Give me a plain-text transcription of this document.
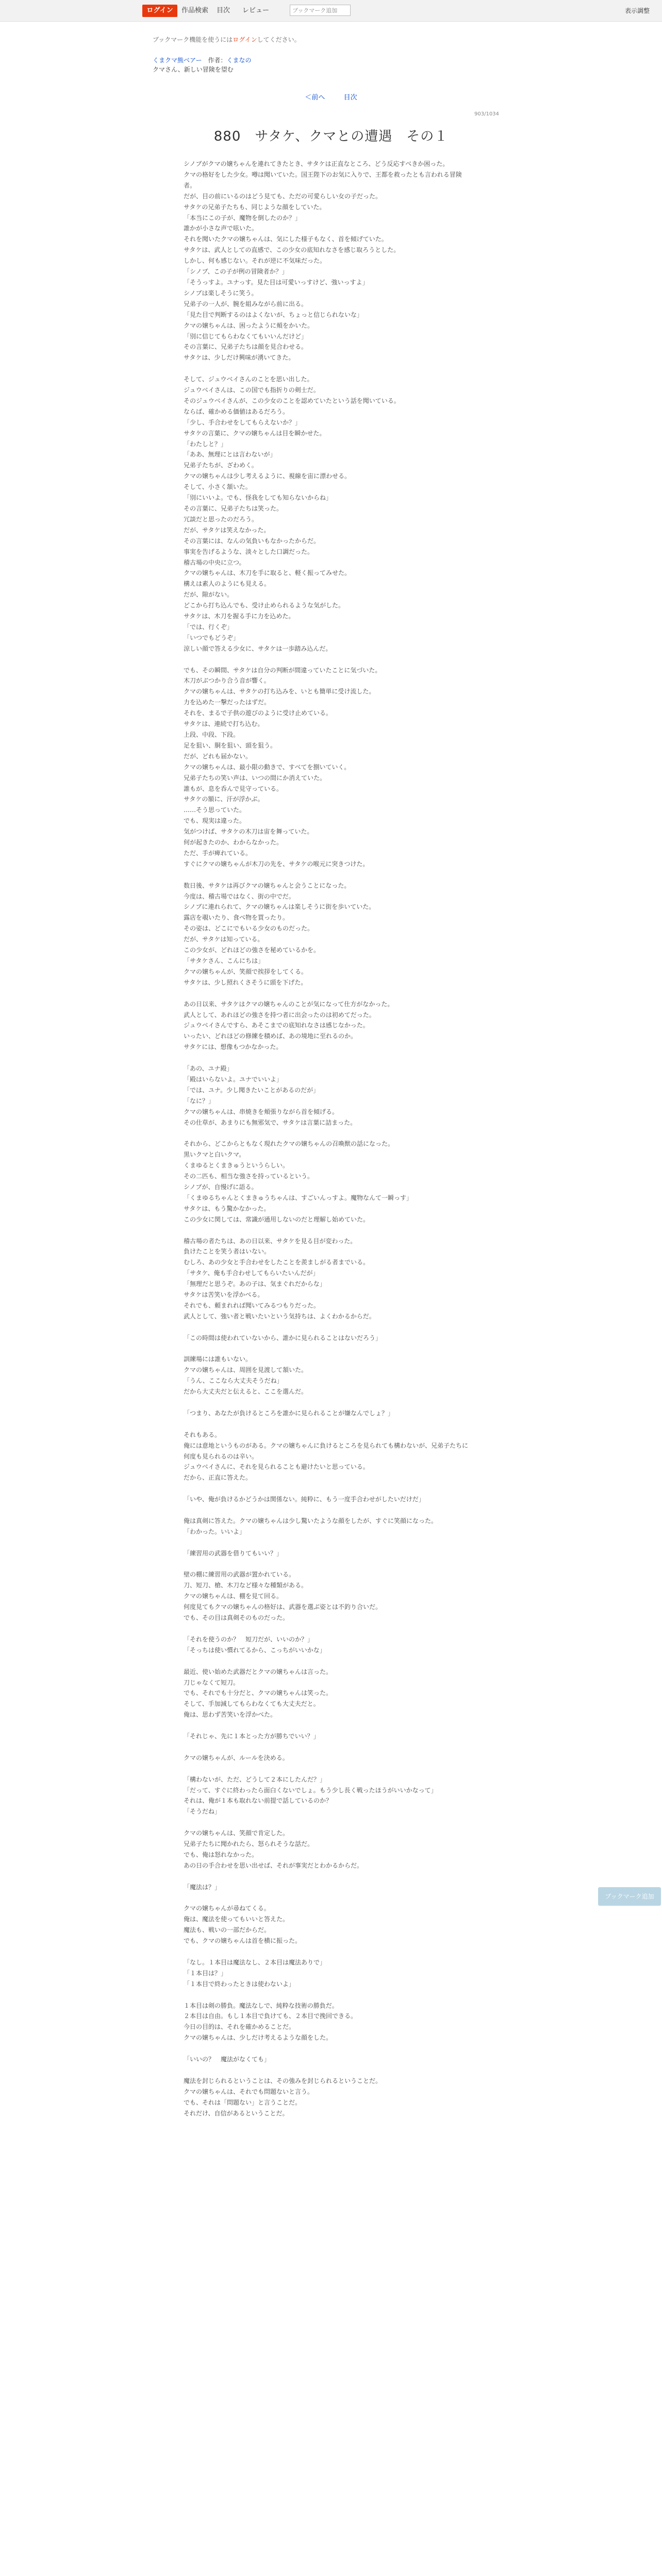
ログイン	作品検索 目次 レビュー	ブックマーク追加	表示調整
ブックマーク機能を使うにはログインしてください。
くまクマ熊ベアー 作者：くまなの
クマさん、新しい冒険を望む
＜前へ	目次
903/1034
880　サタケ、クマとの遭遇　その１

シノブがクマの嬢ちゃんを連れてきたとき、サタケは正直なところ、どう反応すべきか困った。
クマの格好をした少女。噂は聞いていた。国王陛下のお気に入りで、王都を救ったとも言われる冒険者。
だが、目の前にいるのはどう見ても、ただの可愛らしい女の子だった。
サタケの兄弟子たちも、同じような顔をしていた。
「本当にこの子が、魔物を倒したのか？」
誰かが小さな声で呟いた。
それを聞いたクマの嬢ちゃんは、気にした様子もなく、首を傾げていた。
サタケは、武人としての直感で、この少女の底知れなさを感じ取ろうとした。
しかし、何も感じない。それが逆に不気味だった。
「シノブ、この子が例の冒険者か？」
「そうっすよ。ユナっす。見た目は可愛いっすけど、強いっすよ」
シノブは楽しそうに笑う。
兄弟子の一人が、腕を組みながら前に出る。
「見た目で判断するのはよくないが、ちょっと信じられないな」
クマの嬢ちゃんは、困ったように頬をかいた。
「別に信じてもらわなくてもいいんだけど」
その言葉に、兄弟子たちは顔を見合わせる。
サタケは、少しだけ興味が湧いてきた。

そして、ジュウベイさんのことを思い出した。
ジュウベイさんは、この国でも指折りの剣士だ。
そのジュウベイさんが、この少女のことを認めていたという話を聞いている。
ならば、確かめる価値はあるだろう。
「少し、手合わせをしてもらえないか？」
サタケの言葉に、クマの嬢ちゃんは目を瞬かせた。
「わたしと？」
「ああ、無理にとは言わないが」
兄弟子たちが、ざわめく。
クマの嬢ちゃんは少し考えるように、視線を宙に漂わせる。
そして、小さく頷いた。
「別にいいよ。でも、怪我をしても知らないからね」
その言葉に、兄弟子たちは笑った。
冗談だと思ったのだろう。
だが、サタケは笑えなかった。
その言葉には、なんの気負いもなかったからだ。
事実を告げるような、淡々とした口調だった。
稽古場の中央に立つ。
クマの嬢ちゃんは、木刀を手に取ると、軽く振ってみせた。
構えは素人のようにも見える。
だが、隙がない。
どこから打ち込んでも、受け止められるような気がした。
サタケは、木刀を握る手に力を込めた。
「では、行くぞ」
「いつでもどうぞ」
涼しい顔で答える少女に、サタケは一歩踏み込んだ。

でも、その瞬間、サタケは自分の判断が間違っていたことに気づいた。
木刀がぶつかり合う音が響く。
クマの嬢ちゃんは、サタケの打ち込みを、いとも簡単に受け流した。
力を込めた一撃だったはずだ。
それを、まるで子供の遊びのように受け止めている。
サタケは、連続で打ち込む。
上段、中段、下段。
足を狙い、胴を狙い、頭を狙う。
だが、どれも届かない。
クマの嬢ちゃんは、最小限の動きで、すべてを捌いていく。
兄弟子たちの笑い声は、いつの間にか消えていた。
誰もが、息を呑んで見守っている。
サタケの額に、汗が浮かぶ。
……そう思っていた。
でも、現実は違った。
気がつけば、サタケの木刀は宙を舞っていた。
何が起きたのか、わからなかった。
ただ、手が痺れている。
すぐにクマの嬢ちゃんが木刀の先を、サタケの喉元に突きつけた。

数日後、サタケは再びクマの嬢ちゃんと会うことになった。
今度は、稽古場ではなく、街の中でだ。
シノブに連れられて、クマの嬢ちゃんは楽しそうに街を歩いていた。
露店を覗いたり、食べ物を買ったり。
その姿は、どこにでもいる少女のものだった。
だが、サタケは知っている。
この少女が、どれほどの強さを秘めているかを。
「サタケさん、こんにちは」
クマの嬢ちゃんが、笑顔で挨拶をしてくる。
サタケは、少し照れくさそうに頭を下げた。

あの日以来、サタケはクマの嬢ちゃんのことが気になって仕方がなかった。
武人として、あれほどの強さを持つ者に出会ったのは初めてだった。
ジュウベイさんですら、あそこまでの底知れなさは感じなかった。
いったい、どれほどの修練を積めば、あの境地に至れるのか。
サタケには、想像もつかなかった。

「あの、ユナ殿」
「殿はいらないよ。ユナでいいよ」
「では、ユナ。少し聞きたいことがあるのだが」
「なに？」
クマの嬢ちゃんは、串焼きを頬張りながら首を傾げる。
その仕草が、あまりにも無邪気で、サタケは言葉に詰まった。

それから、どこからともなく現れたクマの嬢ちゃんの召喚獣の話になった。
黒いクマと白いクマ。
くまゆるとくまきゅうというらしい。
その二匹も、相当な強さを持っているという。
シノブが、自慢げに語る。
「くまゆるちゃんとくまきゅうちゃんは、すごいんっすよ。魔物なんて一瞬っす」
サタケは、もう驚かなかった。
この少女に関しては、常識が通用しないのだと理解し始めていた。

稽古場の者たちは、あの日以来、サタケを見る目が変わった。
負けたことを笑う者はいない。
むしろ、あの少女と手合わせをしたことを羨ましがる者までいる。
「サタケ、俺も手合わせしてもらいたいんだが」
「無理だと思うぞ。あの子は、気まぐれだからな」
サタケは苦笑いを浮かべる。
それでも、頼まれれば聞いてみるつもりだった。
武人として、強い者と戦いたいという気持ちは、よくわかるからだ。

「この時間は使われていないから、誰かに見られることはないだろう」

訓練場には誰もいない。
クマの嬢ちゃんは、周囲を見渡して頷いた。
「うん、ここなら大丈夫そうだね」
だから大丈夫だと伝えると、ここを選んだ。

「つまり、あなたが負けるところを誰かに見られることが嫌なんでしょ？」

それもある。
俺には意地というものがある。クマの嬢ちゃんに負けるところを見られても構わないが、兄弟子たちに何度も見られるのは辛い。
ジュウベイさんに、それを見られることも避けたいと思っている。
だから、正直に答えた。

「いや、俺が負けるかどうかは関係ない。純粋に、もう一度手合わせがしたいだけだ」

俺は真剣に答えた。クマの嬢ちゃんは少し驚いたような顔をしたが、すぐに笑顔になった。
「わかった。いいよ」

「練習用の武器を借りてもいい？」

壁の棚に練習用の武器が置かれている。
刀、短刀、槍、木刀など様々な種類がある。
クマの嬢ちゃんは、棚を見て回る。
何度見てもクマの嬢ちゃんの格好は、武器を選ぶ姿とは不釣り合いだ。
でも、その目は真剣そのものだった。

「それを使うのか？　短刀だが、いいのか？」
「そっちは使い慣れてるから、こっちがいいかな」

最近、使い始めた武器だとクマの嬢ちゃんは言った。
刀じゃなくて短刀。
でも、それでも十分だと、クマの嬢ちゃんは笑った。
そして、手加減してもらわなくても大丈夫だと。
俺は、思わず苦笑いを浮かべた。

「それじゃ、先に１本とった方が勝ちでいい？」

クマの嬢ちゃんが、ルールを決める。

「構わないが、ただ、どうして２本にしたんだ？」
「だって、すぐに終わったら面白くないでしょ。もう少し長く戦ったほうがいいかなって」
それは、俺が１本も取れない前提で話しているのか？
「そうだね」

クマの嬢ちゃんは、笑顔で肯定した。
兄弟子たちに聞かれたら、怒られそうな話だ。
でも、俺は怒れなかった。
あの日の手合わせを思い出せば、それが事実だとわかるからだ。

「魔法は？」

クマの嬢ちゃんが尋ねてくる。
俺は、魔法を使ってもいいと答えた。
魔法も、戦いの一部だからだ。
でも、クマの嬢ちゃんは首を横に振った。

「なし。１本目は魔法なし、２本目は魔法ありで」
「１本目は？」
「１本目で終わったときは使わないよ」

１本目は剣の勝負。魔法なしで、純粋な技術の勝負だ。
２本目は自由。もし１本目で負けても、２本目で挽回できる。
今日の目的は、それを確かめることだ。
クマの嬢ちゃんは、少しだけ考えるような顔をした。

「いいの？　魔法がなくても」

魔法を封じられるということは、その強みを封じられるということだ。
クマの嬢ちゃんは、それでも問題ないと言う。
でも、それは「問題ない」と言うことだ。
それだけ、自信があるということだ。

ブックマーク追加
